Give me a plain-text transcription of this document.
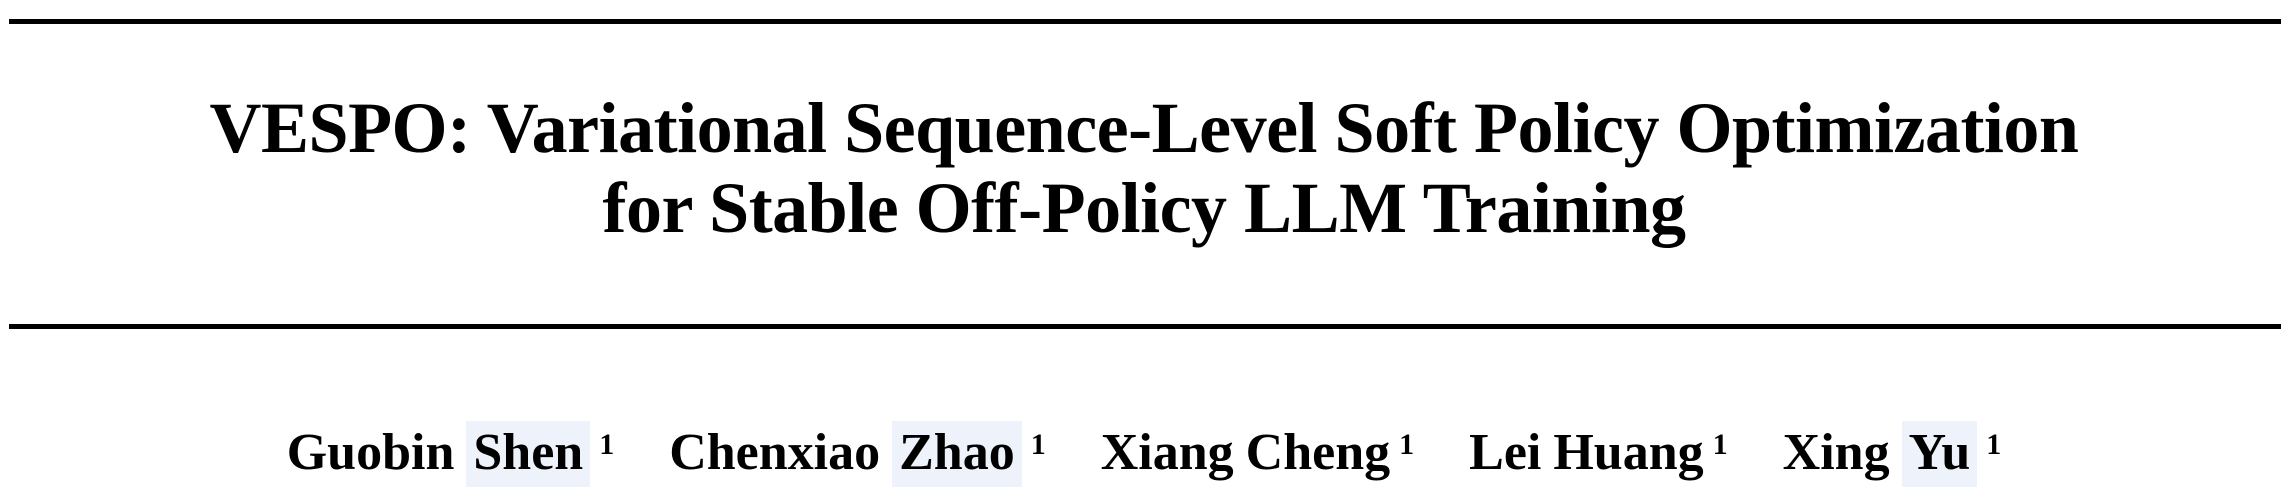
VESPO: Variational Sequence-Level Soft Policy Optimization
for Stable Off-Policy LLM Training
Guobin Shen 1 Chenxiao Zhao 1 Xiang Cheng 1 Lei Huang 1 Xing Yu 1
